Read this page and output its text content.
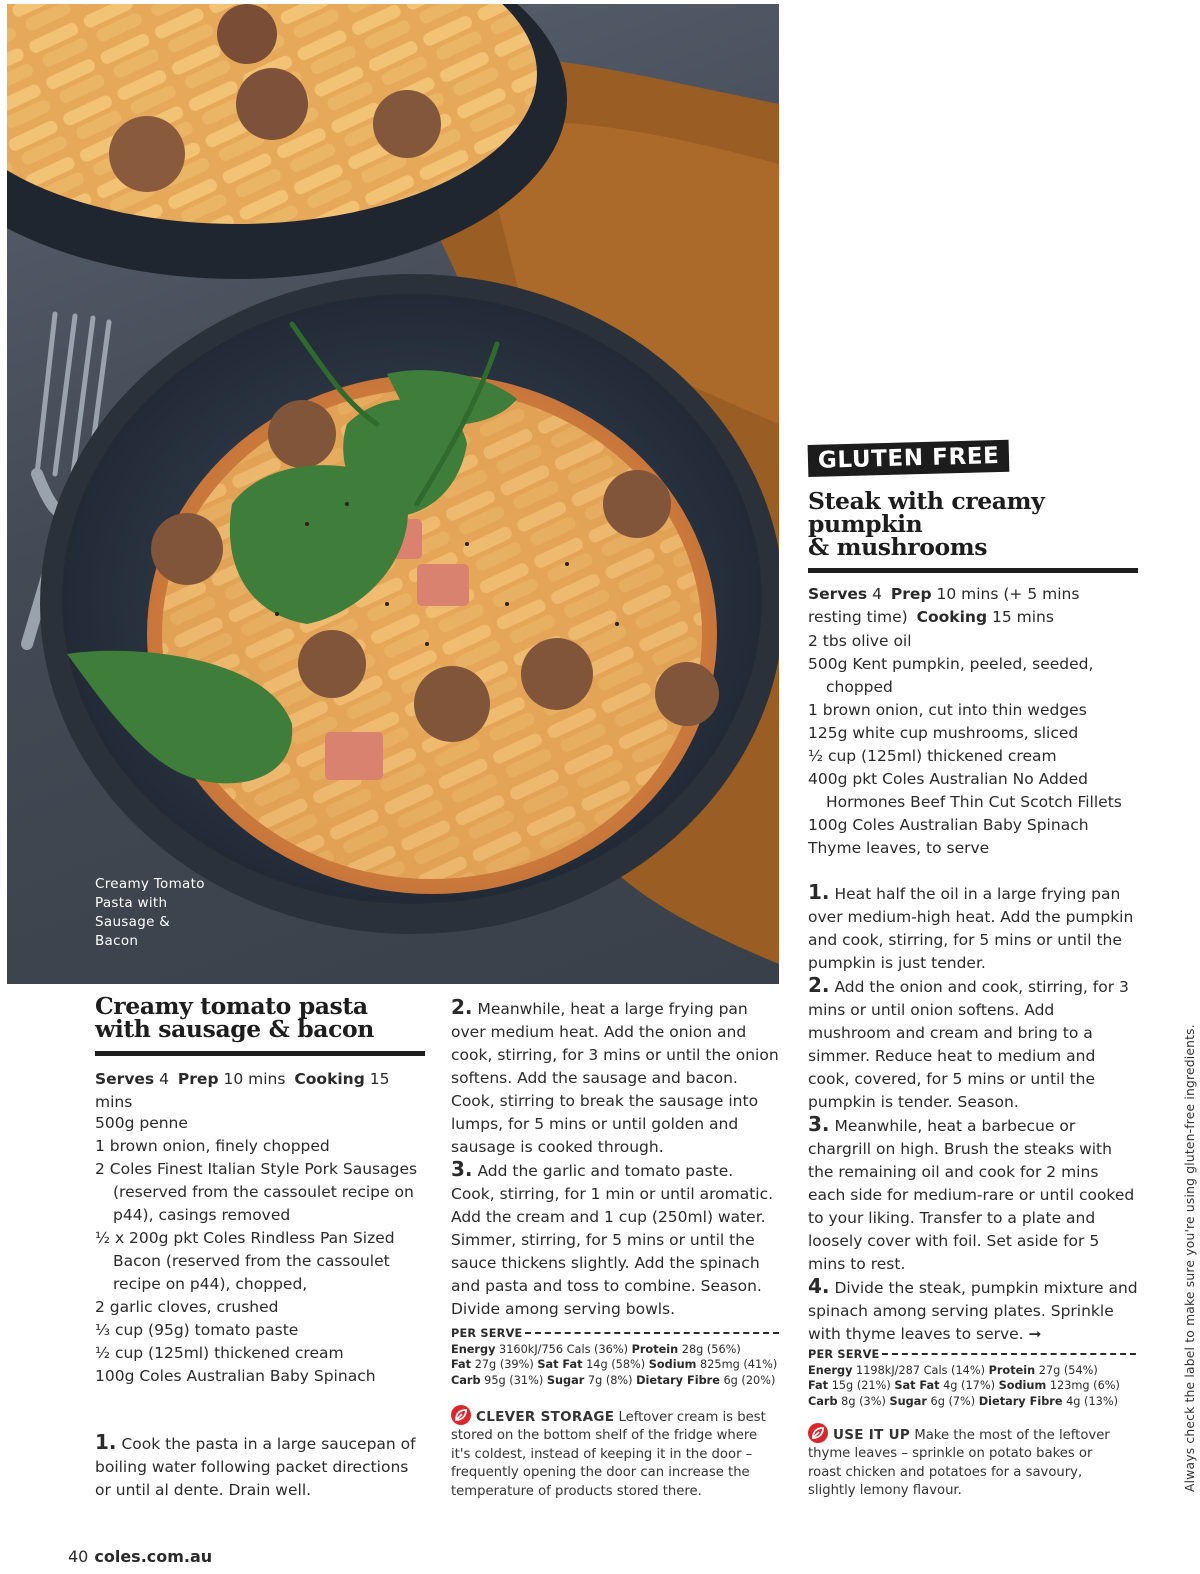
Creamy Tomato
Pasta with
Sausage &
Bacon
GLUTEN FREE
Steak with creamy pumpkin
& mushrooms
Serves 4 Prep 10 mins (+ 5 mins
resting time) Cooking 15 mins
2 tbs olive oil
500g Kent pumpkin, peeled, seeded, chopped
1 brown onion, cut into thin wedges
125g white cup mushrooms, sliced
½ cup (125ml) thickened cream
400g pkt Coles Australian No Added Hormones Beef Thin Cut Scotch Fillets
100g Coles Australian Baby Spinach
Thyme leaves, to serve

1. Heat half the oil in a large frying pan over medium-high heat. Add the pumpkin and cook, stirring, for 5 mins or until the pumpkin is just tender.

2. Add the onion and cook, stirring, for 3 mins or until onion softens. Add mushroom and cream and bring to a simmer. Reduce heat to medium and cook, covered, for 5 mins or until the pumpkin is tender. Season.

3. Meanwhile, heat a barbecue or chargrill on high. Brush the steaks with the remaining oil and cook for 2 mins each side for medium-rare or until cooked to your liking. Transfer to a plate and loosely cover with foil. Set aside for 5 mins to rest.

4. Divide the steak, pumpkin mixture and spinach among serving plates. Sprinkle with thyme leaves to serve. ➞

PER SERVE
Energy 1198kJ/287 Cals (14%) Protein 27g (54%)
Fat 15g (21%) Sat Fat 4g (17%) Sodium 123mg (6%)
Carb 8g (3%) Sugar 6g (7%) Dietary Fibre 4g (13%)
USE IT UP Make the most of the leftover thyme leaves – sprinkle on potato bakes or roast chicken and potatoes for a savoury, slightly lemony flavour.
Creamy tomato pasta
with sausage & bacon
Serves 4 Prep 10 mins Cooking 15 mins
500g penne
1 brown onion, finely chopped
2 Coles Finest Italian Style Pork Sausages (reserved from the cassoulet recipe on p44), casings removed
½ x 200g pkt Coles Rindless Pan Sized Bacon (reserved from the cassoulet recipe on p44), chopped,
2 garlic cloves, crushed
⅓ cup (95g) tomato paste
½ cup (125ml) thickened cream
100g Coles Australian Baby Spinach

1. Cook the pasta in a large saucepan of boiling water following packet directions or until al dente. Drain well.

2. Meanwhile, heat a large frying pan over medium heat. Add the onion and cook, stirring, for 3 mins or until the onion softens. Add the sausage and bacon. Cook, stirring to break the sausage into lumps, for 5 mins or until golden and sausage is cooked through.

3. Add the garlic and tomato paste. Cook, stirring, for 1 min or until aromatic. Add the cream and 1 cup (250ml) water. Simmer, stirring, for 5 mins or until the sauce thickens slightly. Add the spinach and pasta and toss to combine. Season. Divide among serving bowls.

PER SERVE
Energy 3160kJ/756 Cals (36%) Protein 28g (56%)
Fat 27g (39%) Sat Fat 14g (58%) Sodium 825mg (41%)
Carb 95g (31%) Sugar 7g (8%) Dietary Fibre 6g (20%)
CLEVER STORAGE Leftover cream is best stored on the bottom shelf of the fridge where it's coldest, instead of keeping it in the door – frequently opening the door can increase the temperature of products stored there.	Always check the label to make sure you're using gluten-free ingredients.
40 coles.com.au
